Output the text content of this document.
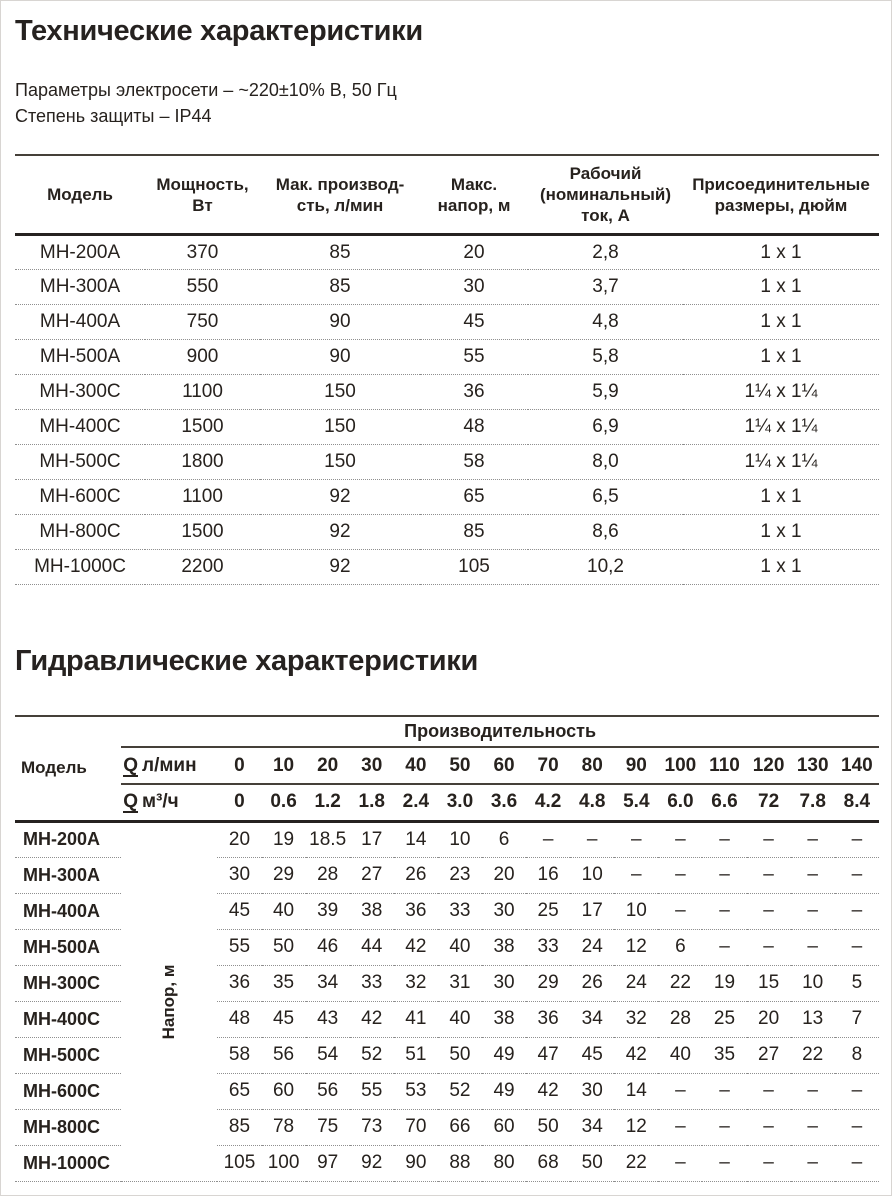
Технические характеристики
Параметры электросети – ~220±10% В, 50 Гц
Степень защиты – IP44
Модель	Мощность, Вт	Мак. производ-сть, л/мин	Макс. напор, м	Рабочий (номинальный) ток, А	Присоединительные размеры, дюйм
МН-200А	370	85	20	2,8	1 x 1
МН-300А	550	85	30	3,7	1 x 1
МН-400А	750	90	45	4,8	1 x 1
МН-500А	900	90	55	5,8	1 x 1
МН-300С	1100	150	36	5,9	1¼ x 1¼
МН-400С	1500	150	48	6,9	1¼ x 1¼
МН-500С	1800	150	58	8,0	1¼ x 1¼
МН-600С	1100	92	65	6,5	1 x 1
МН-800С	1500	92	85	8,6	1 x 1
МН-1000С	2200	92	105	10,2	1 x 1
Гидравлические характеристики
Модель	Производительность															
	Q л/мин	0	10	20	30	40	50	60	70	80	90	100	110	120	130	140
	Q м³/ч	0	0.6	1.2	1.8	2.4	3.0	3.6	4.2	4.8	5.4	6.0	6.6	72	7.8	8.4
МН-200А	Напор, м	20	19	18.5	17	14	10	6	–	–	–	–	–	–	–	–
МН-300А		30	29	28	27	26	23	20	16	10	–	–	–	–	–	–
МН-400А		45	40	39	38	36	33	30	25	17	10	–	–	–	–	–
МН-500А		55	50	46	44	42	40	38	33	24	12	6	–	–	–	–
МН-300С		36	35	34	33	32	31	30	29	26	24	22	19	15	10	5
МН-400С		48	45	43	42	41	40	38	36	34	32	28	25	20	13	7
МН-500С		58	56	54	52	51	50	49	47	45	42	40	35	27	22	8
МН-600С		65	60	56	55	53	52	49	42	30	14	–	–	–	–	–
МН-800С		85	78	75	73	70	66	60	50	34	12	–	–	–	–	–
МН-1000С		105	100	97	92	90	88	80	68	50	22	–	–	–	–	–
